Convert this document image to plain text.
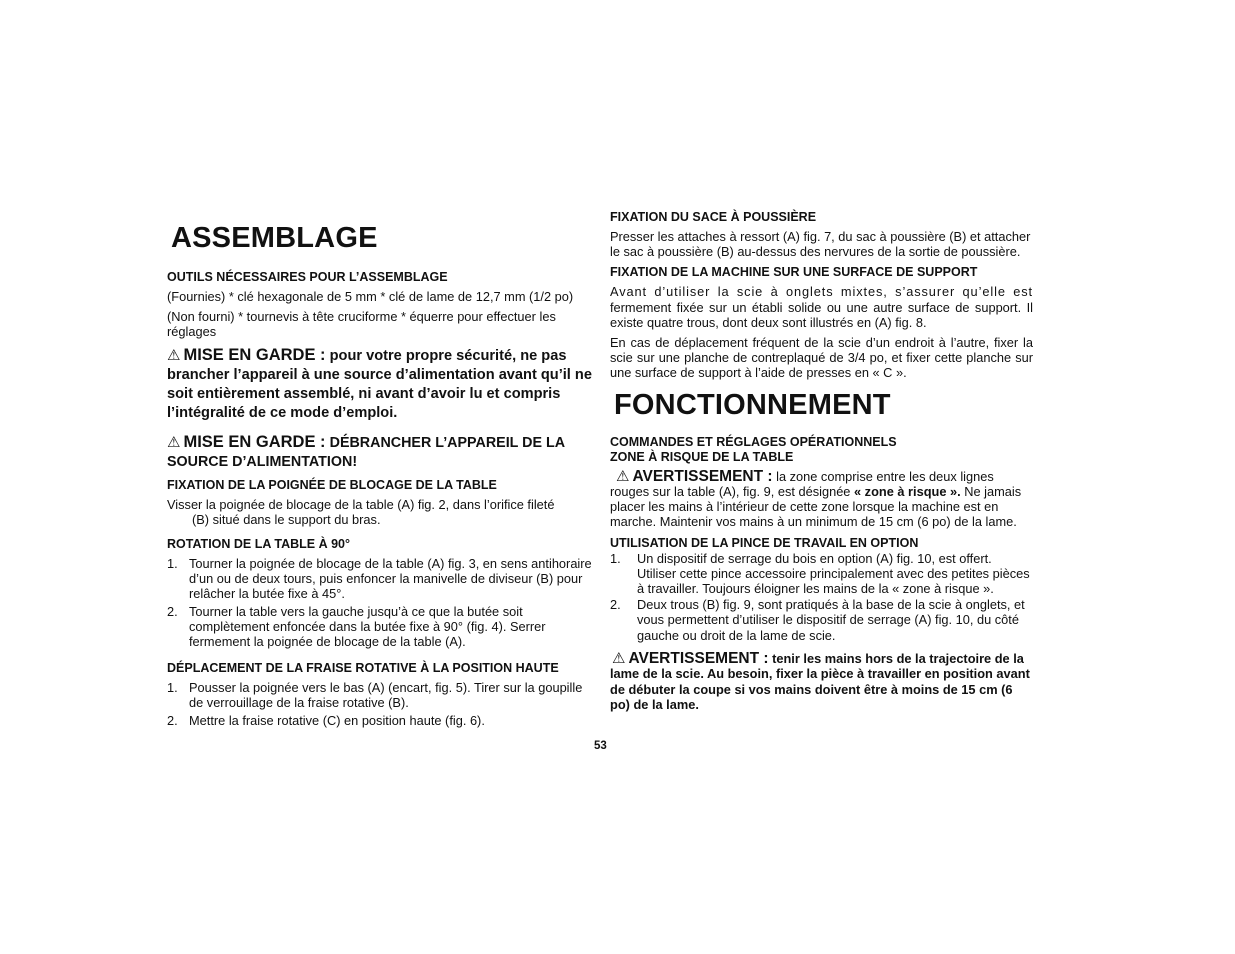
ASSEMBLAGE
OUTILS NÉCESSAIRES POUR L’ASSEMBLAGE

(Fournies) * clé hexagonale de 5 mm * clé de lame de 12,7 mm (1/2 po)

(Non fourni) * tournevis à tête cruciforme * équerre pour effectuer les réglages

⚠ MISE EN GARDE : pour votre propre sécurité, ne pas brancher l’appareil à une source d’alimentation avant qu’il ne soit entièrement assemblé, ni avant d’avoir lu et compris l’intégralité de ce mode d’emploi.
⚠ MISE EN GARDE : DÉBRANCHER L’APPAREIL DE LA SOURCE D’ALIMENTATION!
FIXATION DE LA POIGNÉE DE BLOCAGE DE LA TABLE

Visser la poignée de blocage de la table (A) fig. 2, dans l’orifice fileté
(B) situé dans le support du bras.

ROTATION DE LA TABLE À 90°
1. Tourner la poignée de blocage de la table (A) fig. 3, en sens antihoraire d’un ou de deux tours, puis enfoncer la manivelle de diviseur (B) pour relâcher la butée fixe à 45°.
2. Tourner la table vers la gauche jusqu’à ce que la butée soit complètement enfoncée dans la butée fixe à 90° (fig. 4). Serrer fermement la poignée de blocage de la table (A).
DÉPLACEMENT DE LA FRAISE ROTATIVE À LA POSITION HAUTE
1. Pousser la poignée vers le bas (A) (encart, fig. 5). Tirer sur la goupille de verrouillage de la fraise rotative (B).
2. Mettre la fraise rotative (C) en position haute (fig. 6).
FIXATION DU SACE À POUSSIÈRE

Presser les attaches à ressort (A) fig. 7, du sac à poussière (B) et attacher le sac à poussière (B) au-dessus des nervures de la sortie de poussière.

FIXATION DE LA MACHINE SUR UNE SURFACE DE SUPPORT

Avant d’utiliser la scie à onglets mixtes, s’assurer qu’elle est fermement fixée sur un établi solide ou une autre surface de support. Il existe quatre trous, dont deux sont illustrés en (A) fig. 8.

En cas de déplacement fréquent de la scie d’un endroit à l’autre, fixer la scie sur une planche de contreplaqué de 3/4 po, et fixer cette planche sur une surface de support à l’aide de presses en « C ».

FONCTIONNEMENT
COMMANDES ET RÉGLAGES OPÉRATIONNELS
ZONE À RISQUE DE LA TABLE
⚠ AVERTISSEMENT : la zone comprise entre les deux lignes rouges sur la table (A), fig. 9, est désignée « zone à risque ». Ne jamais placer les mains à l’intérieur de cette zone lorsque la machine est en marche. Maintenir vos mains à un minimum de 15 cm (6 po) de la lame.
UTILISATION DE LA PINCE DE TRAVAIL EN OPTION
1. Un dispositif de serrage du bois en option (A) fig. 10, est offert. Utiliser cette pince accessoire principalement avec des petites pièces à travailler. Toujours éloigner les mains de la « zone à risque ».
2. Deux trous (B) fig. 9, sont pratiqués à la base de la scie à onglets, et vous permettent d’utiliser le dispositif de serrage (A) fig. 10, du côté gauche ou droit de la lame de scie.
⚠ AVERTISSEMENT : tenir les mains hors de la trajectoire de la lame de la scie. Au besoin, fixer la pièce à travailler en position avant de débuter la coupe si vos mains doivent être à moins de 15 cm (6 po) de la lame.
53
